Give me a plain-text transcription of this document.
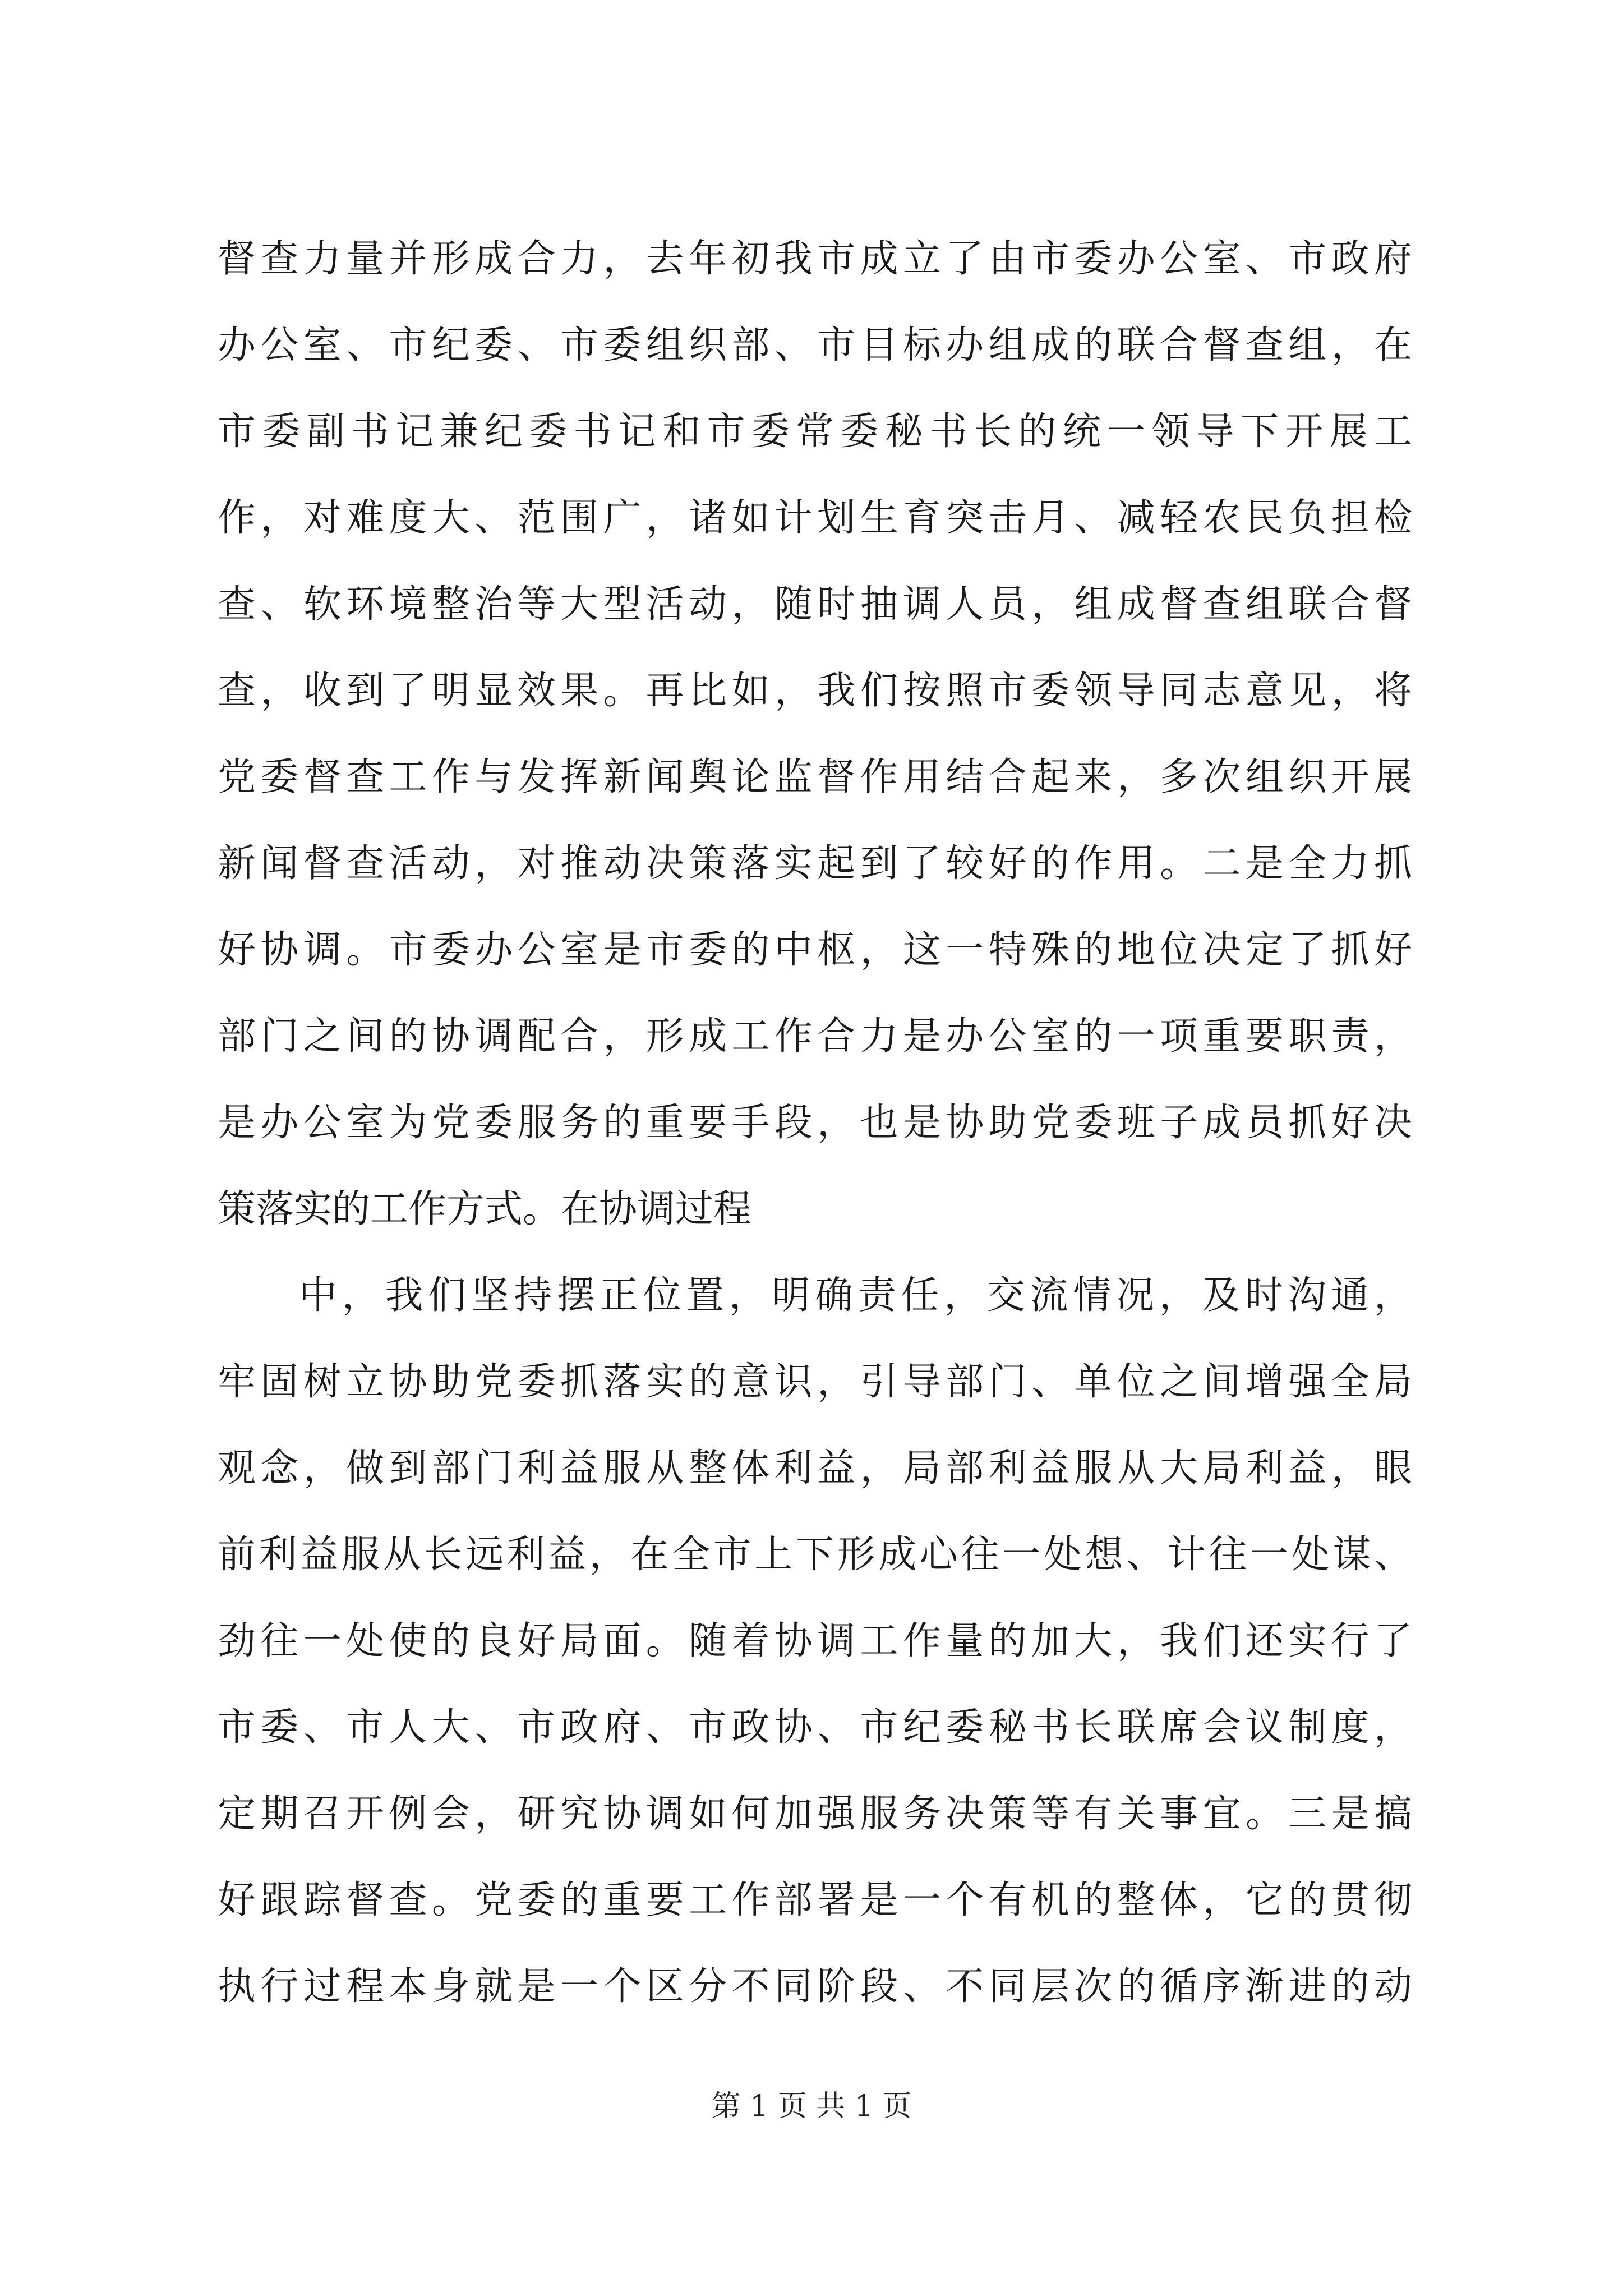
督查力量并形成合力，去年初我市成立了由市委办公室、市政府
办公室、市纪委、市委组织部、市目标办组成的联合督查组，在
市委副书记兼纪委书记和市委常委秘书长的统一领导下开展工
作，对难度大、范围广，诸如计划生育突击月、减轻农民负担检
查、软环境整治等大型活动，随时抽调人员，组成督查组联合督
查，收到了明显效果。再比如，我们按照市委领导同志意见，将
党委督查工作与发挥新闻舆论监督作用结合起来，多次组织开展
新闻督查活动，对推动决策落实起到了较好的作用。二是全力抓
好协调。市委办公室是市委的中枢，这一特殊的地位决定了抓好
部门之间的协调配合，形成工作合力是办公室的一项重要职责，
是办公室为党委服务的重要手段，也是协助党委班子成员抓好决
策落实的工作方式。在协调过程
中，我们坚持摆正位置，明确责任，交流情况，及时沟通，
牢固树立协助党委抓落实的意识，引导部门、单位之间增强全局
观念，做到部门利益服从整体利益，局部利益服从大局利益，眼
前利益服从长远利益，在全市上下形成心往一处想、计往一处谋、
劲往一处使的良好局面。随着协调工作量的加大，我们还实行了
市委、市人大、市政府、市政协、市纪委秘书长联席会议制度，
定期召开例会，研究协调如何加强服务决策等有关事宜。三是搞
好跟踪督查。党委的重要工作部署是一个有机的整体，它的贯彻
执行过程本身就是一个区分不同阶段、不同层次的循序渐进的动
第 1 页 共 1 页
